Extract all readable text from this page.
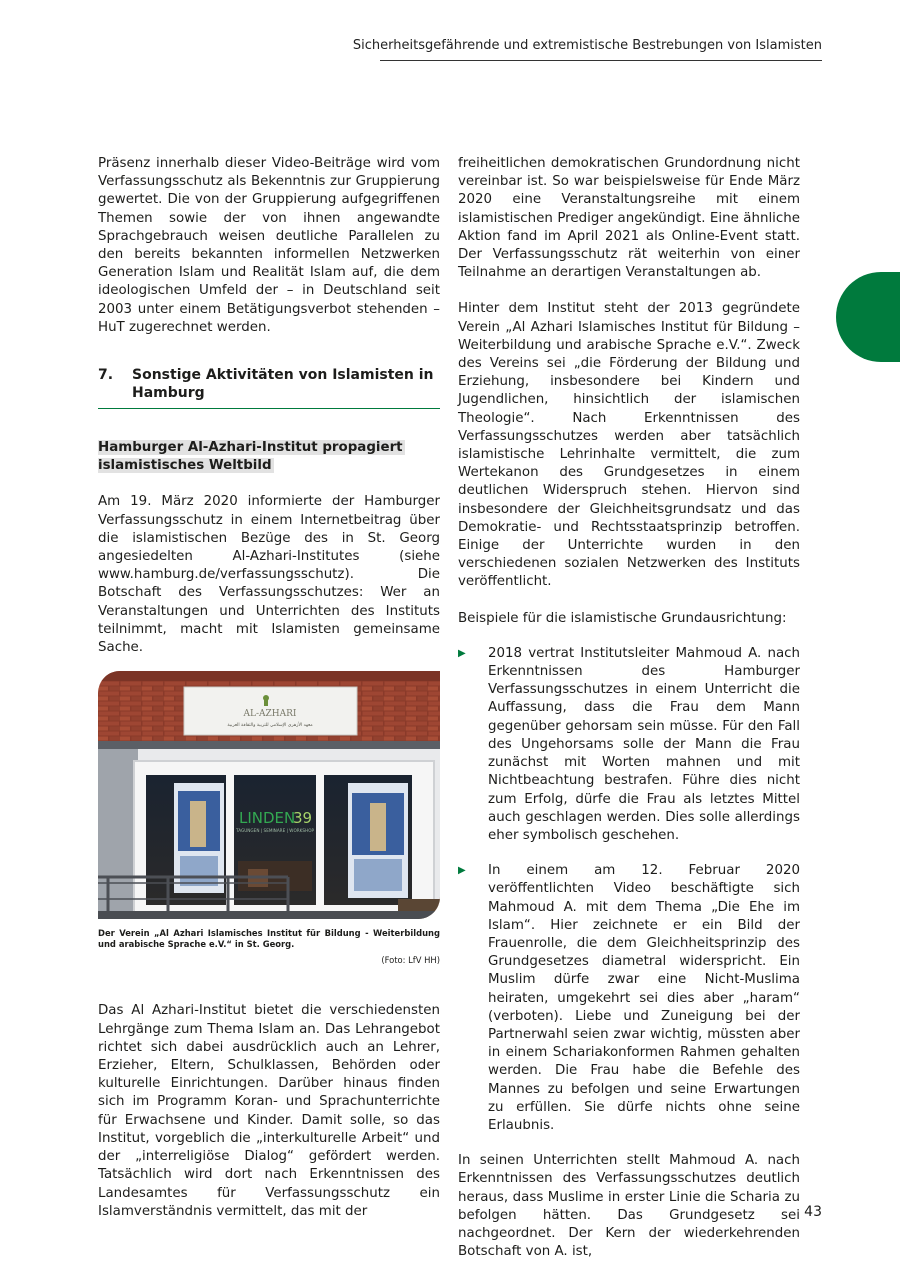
Sicherheitsgefährende und extremistische Bestrebungen von Islamisten

Präsenz innerhalb dieser Video-Beiträge wird vom Verfassungsschutz als Bekenntnis zur Gruppierung gewertet. Die von der Gruppierung aufgegriffenen Themen sowie der von ihnen angewandte Sprachgebrauch weisen deutliche Parallelen zu den bereits bekannten informellen Netzwerken Generation Islam und Realität Islam auf, die dem ideologischen Umfeld der – in Deutschland seit 2003 unter einem Betätigungsverbot stehenden – HuT zugerechnet werden.

7.	Sonstige Aktivitäten von Islamisten in Hamburg
Hamburger Al-Azhari-Institut propagiert islamistisches Weltbild

Am 19. März 2020 informierte der Hamburger Verfassungsschutz in einem Internetbeitrag über die islamistischen Bezüge des in St. Georg angesiedelten Al-Azhari-Institutes (siehe www.hamburg.de/verfassungsschutz). Die Botschaft des Verfassungsschutzes: Wer an Veranstaltungen und Unterrichten des Instituts teilnimmt, macht mit Islamisten gemeinsame Sache.

AL-AZHARI
معهد الأزهري الإسلامي للتربية والثقافة العربية
LINDEN
39
TAGUNGEN | SEMINARE | WORKSHOP
Der Verein „Al Azhari Islamisches Institut für Bildung - Weiterbildung und arabische Sprache e.V.“ in St. Georg.
(Foto: LfV HH)

Das Al Azhari-Institut bietet die verschiedensten Lehrgänge zum Thema Islam an. Das Lehrangebot richtet sich dabei ausdrücklich auch an Lehrer, Erzieher, Eltern, Schulklassen, Behörden oder kulturelle Einrichtungen. Darüber hinaus finden sich im Programm Koran- und Sprachunterrichte für Erwachsene und Kinder. Damit solle, so das Institut, vorgeblich die „interkulturelle Arbeit“ und der „interreligiöse Dialog“ gefördert werden. Tatsächlich wird dort nach Erkenntnissen des Landesamtes für Verfassungsschutz ein Islamverständnis vermittelt, das mit der

freiheitlichen demokratischen Grundordnung nicht vereinbar ist. So war beispielsweise für Ende März 2020 eine Veranstaltungsreihe mit einem islamistischen Prediger angekündigt. Eine ähnliche Aktion fand im April 2021 als Online-Event statt. Der Verfassungsschutz rät weiterhin von einer Teilnahme an derartigen Veranstaltungen ab.

Hinter dem Institut steht der 2013 gegründete Verein „Al Azhari Islamisches Institut für Bildung – Weiterbildung und arabische Sprache e.V.“. Zweck des Vereins sei „die Förderung der Bildung und Erziehung, insbesondere bei Kindern und Jugendlichen, hinsichtlich der islamischen Theologie“. Nach Erkenntnissen des Verfassungsschutzes werden aber tatsächlich islamistische Lehrinhalte vermittelt, die zum Wertekanon des Grundgesetzes in einem deutlichen Widerspruch stehen. Hiervon sind insbesondere der Gleichheitsgrundsatz und das Demokratie- und Rechtsstaatsprinzip betroffen. Einige der Unterrichte wurden in den verschiedenen sozialen Netzwerken des Instituts veröffentlicht.

Beispiele für die islamistische Grundausrichtung:

▶	2018 vertrat Institutsleiter Mahmoud A. nach Erkenntnissen des Hamburger Verfassungsschutzes in einem Unterricht die Auffassung, dass die Frau dem Mann gegenüber gehorsam sein müsse. Für den Fall des Ungehorsams solle der Mann die Frau zunächst mit Worten mahnen und mit Nichtbeachtung bestrafen. Führe dies nicht zum Erfolg, dürfe die Frau als letztes Mittel auch geschlagen werden. Dies solle allerdings eher symbolisch geschehen.
▶	In einem am 12. Februar 2020 veröffentlichten Video beschäftigte sich Mahmoud A. mit dem Thema „Die Ehe im Islam“. Hier zeichnete er ein Bild der Frauenrolle, die dem Gleichheitsprinzip des Grundgesetzes diametral widerspricht. Ein Muslim dürfe zwar eine Nicht-Muslima heiraten, umgekehrt sei dies aber „haram“ (verboten). Liebe und Zuneigung bei der Partnerwahl seien zwar wichtig, müssten aber in einem Schariakonformen Rahmen gehalten werden. Die Frau habe die Befehle des Mannes zu befolgen und seine Erwartungen zu erfüllen. Sie dürfe nichts ohne seine Erlaubnis.

In seinen Unterrichten stellt Mahmoud A. nach Erkenntnissen des Verfassungsschutzes deutlich heraus, dass Muslime in erster Linie die Scharia zu befolgen hätten. Das Grundgesetz sei nachgeordnet. Der Kern der wiederkehrenden Botschaft von A. ist,

43
